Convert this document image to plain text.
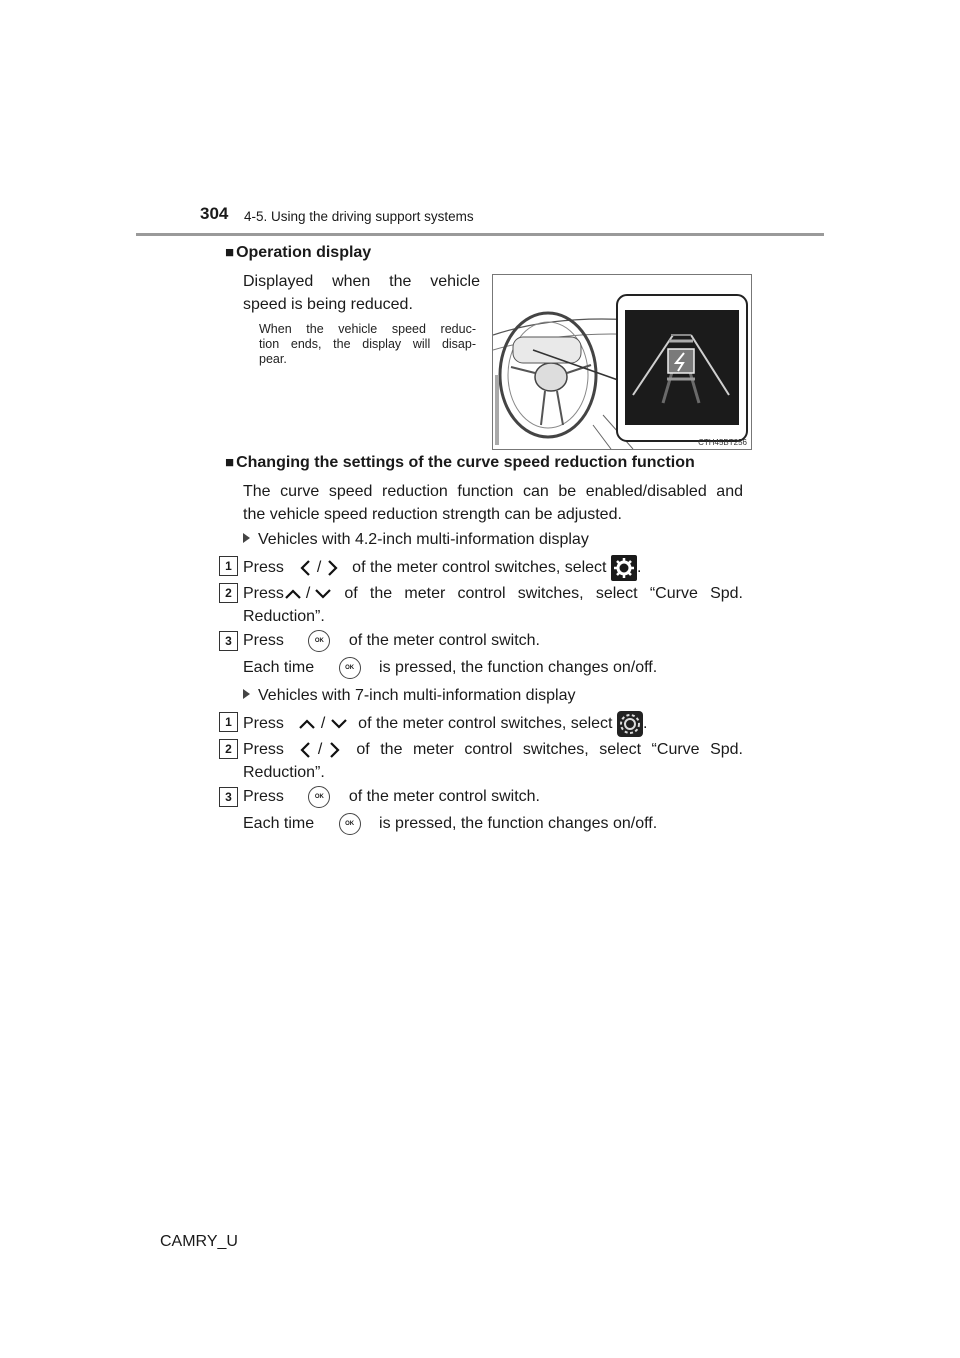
304 4-5. Using the driving support systems
■ Operation display
Displayed when the vehicle
speed is being reduced.
When the vehicle speed reduc-
tion ends, the display will disap-
pear.
CTH45BT256
■ Changing the settings of the curve speed reduction function
The curve speed reduction function can be enabled/disabled and
the vehicle speed reduction strength can be adjusted.
Vehicles with 4.2-inch multi-information display
1 Press / of the meter control switches, select .
2 Press / of the meter control switches, select “Curve Spd.
Reduction”.
3 Press	OK of the meter control switch.
Each time	OK is pressed, the function changes on/off.
Vehicles with 7-inch multi-information display
1 Press / of the meter control switches, select .
2 Press / of the meter control switches, select “Curve Spd.
Reduction”.
3 Press	OK of the meter control switch.
Each time	OK is pressed, the function changes on/off.
CAMRY_U
